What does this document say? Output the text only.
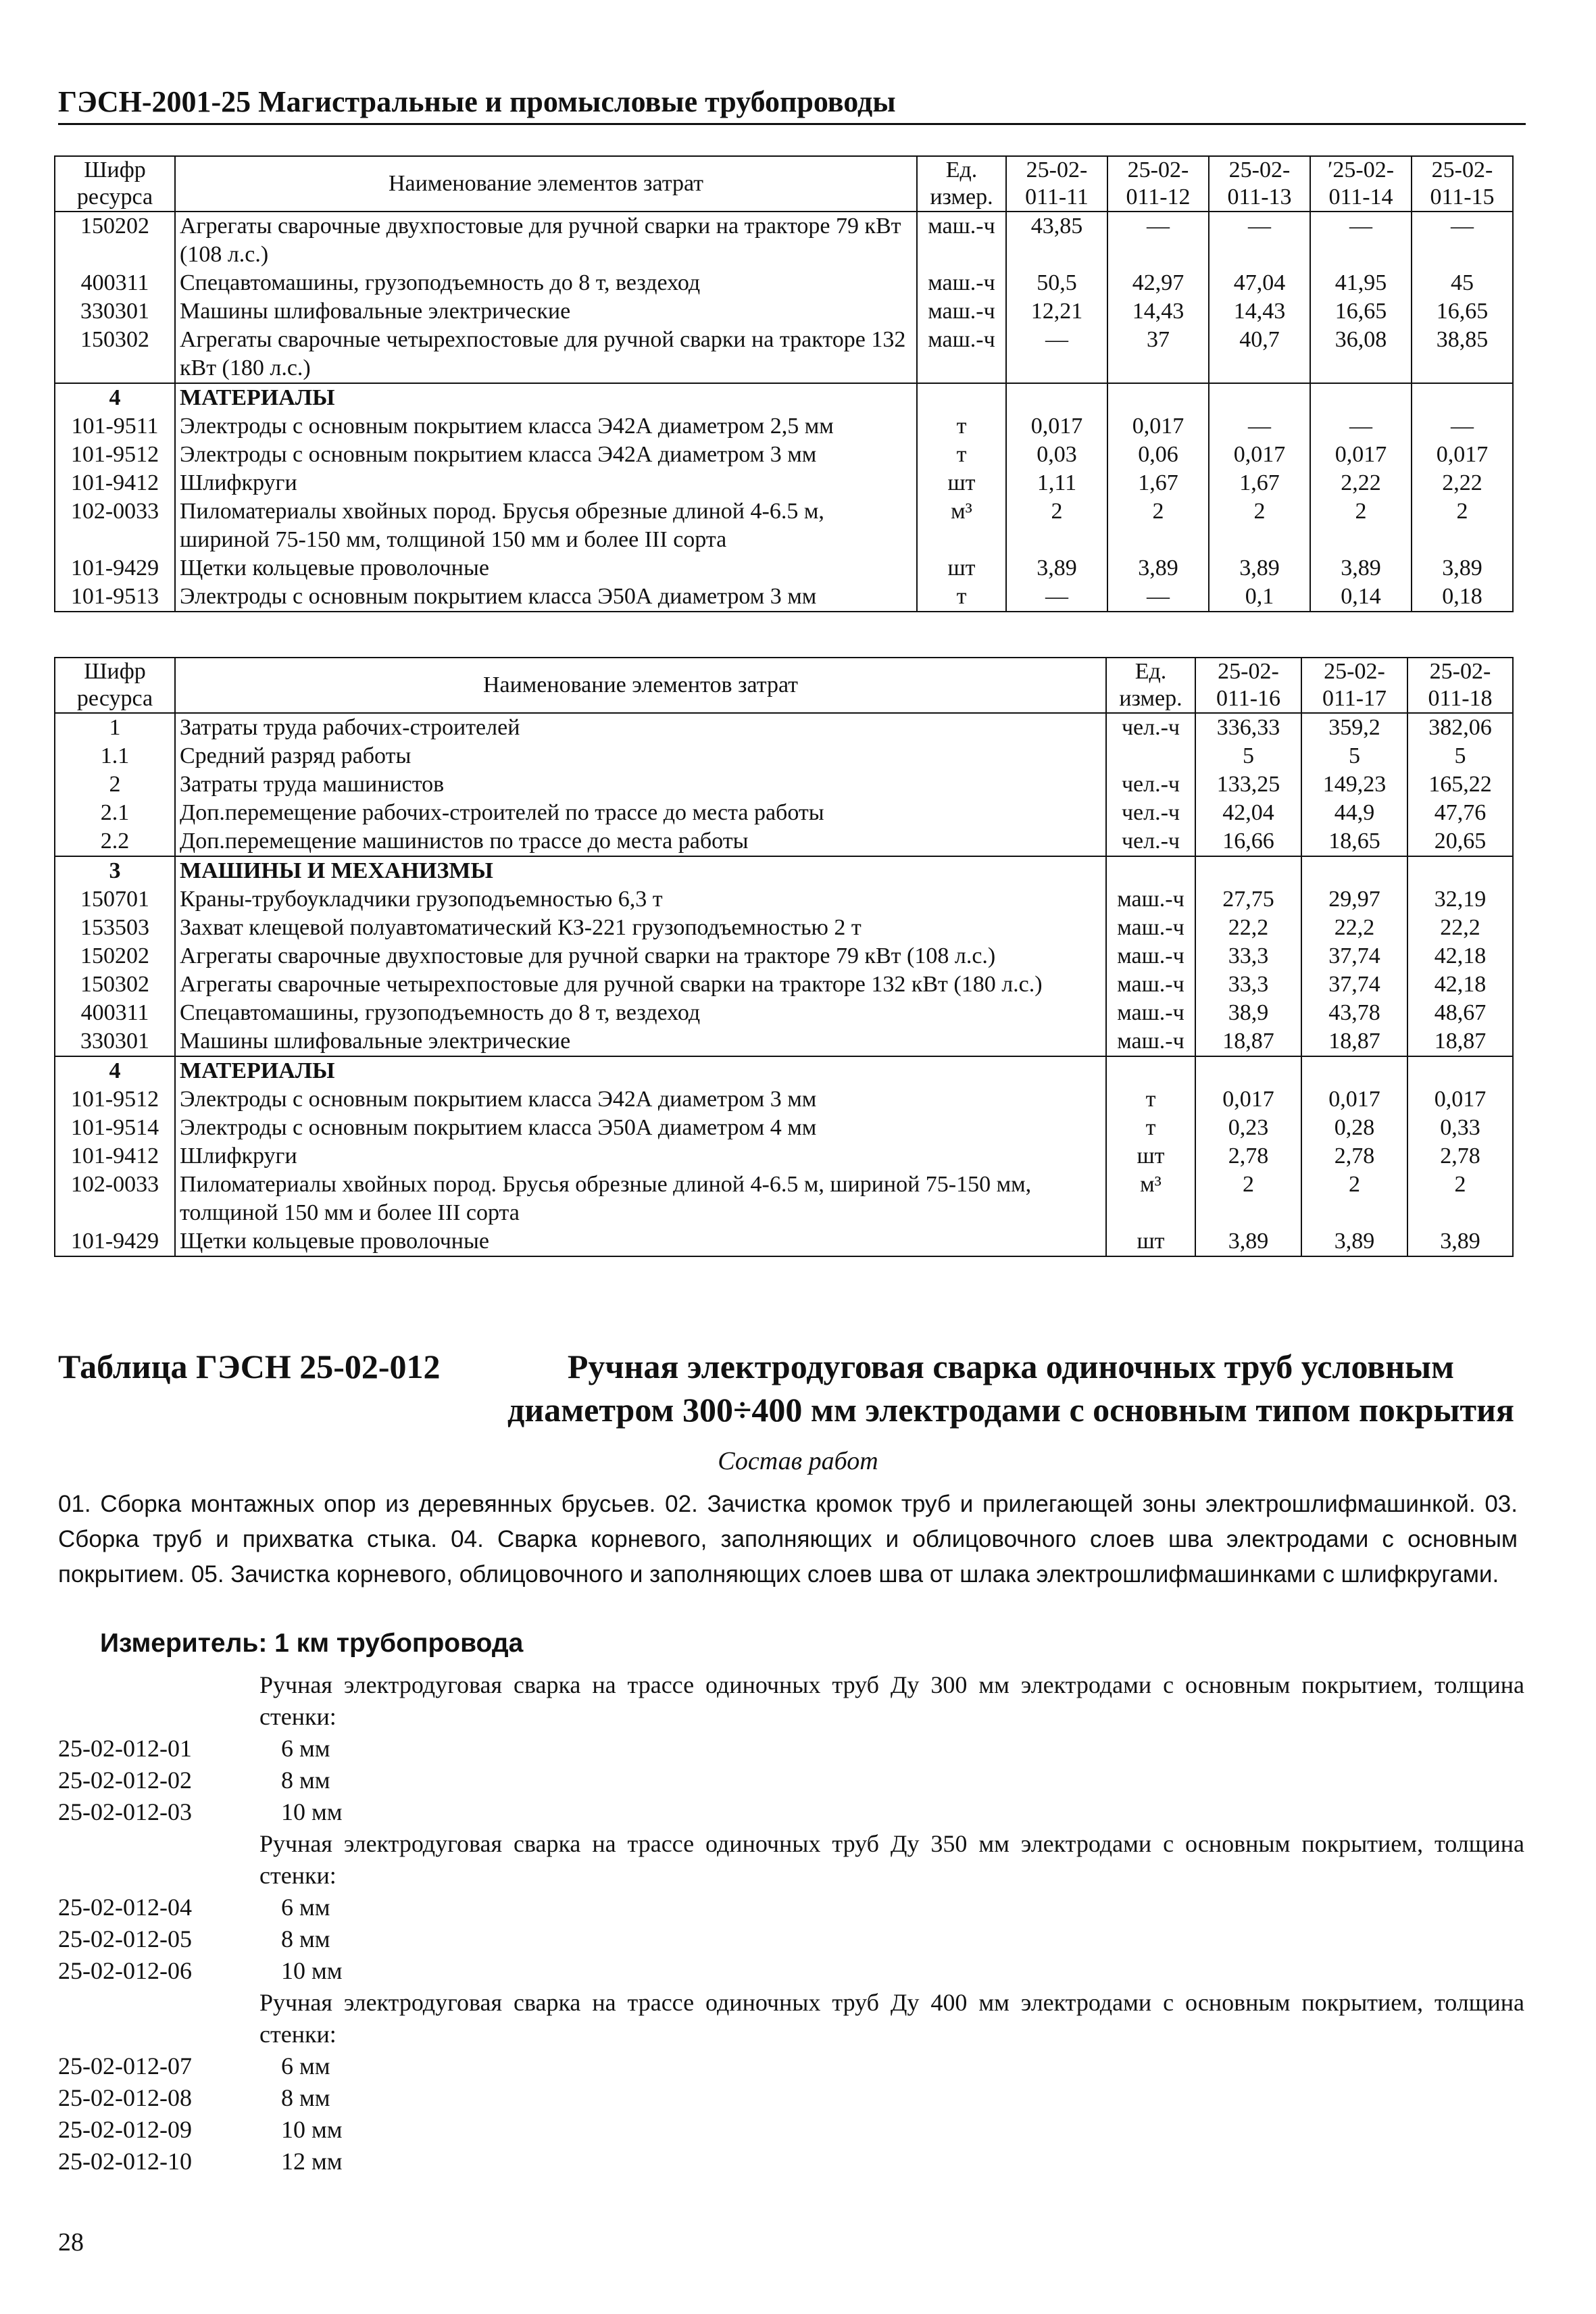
ГЭСН-2001-25 Магистральные и промысловые трубопроводы
Шифр ресурса	Наименование элементов затрат	Ед. измер.	25-02-011-11	25-02-011-12	25-02-011-13	ʹ25-02-011-14	25-02-011-15
150202	Агрегаты сварочные двухпостовые для ручной сварки на тракторе 79 кВт (108 л.с.)	маш.-ч	43,85	—	—	—	—
400311	Спецавтомашины, грузоподъемность до 8 т, вездеход	маш.-ч	50,5	42,97	47,04	41,95	45
330301	Машины шлифовальные электрические	маш.-ч	12,21	14,43	14,43	16,65	16,65
150302	Агрегаты сварочные четырехпостовые для ручной сварки на тракторе 132 кВт (180 л.с.)	маш.-ч	—	37	40,7	36,08	38,85
4	МАТЕРИАЛЫ						
101-9511	Электроды с основным покрытием класса Э42А диаметром 2,5 мм	т	0,017	0,017	—	—	—
101-9512	Электроды с основным покрытием класса Э42А диаметром 3 мм	т	0,03	0,06	0,017	0,017	0,017
101-9412	Шлифкруги	шт	1,11	1,67	1,67	2,22	2,22
102-0033	Пиломатериалы хвойных пород. Брусья обрезные длиной 4-6.5 м, шириной 75-150 мм, толщиной 150 мм и более III сорта	м³	2	2	2	2	2
101-9429	Щетки кольцевые проволочные	шт	3,89	3,89	3,89	3,89	3,89
101-9513	Электроды с основным покрытием класса Э50А диаметром 3 мм	т	—	—	0,1	0,14	0,18
Шифр ресурса	Наименование элементов затрат	Ед. измер.	25-02-011-16	25-02-011-17	25-02-011-18
1	Затраты труда рабочих-строителей	чел.-ч	336,33	359,2	382,06
1.1	Средний разряд работы		5	5	5
2	Затраты труда машинистов	чел.-ч	133,25	149,23	165,22
2.1	Доп.перемещение рабочих-строителей по трассе до места работы	чел.-ч	42,04	44,9	47,76
2.2	Доп.перемещение машинистов по трассе до места работы	чел.-ч	16,66	18,65	20,65
3	МАШИНЫ И МЕХАНИЗМЫ				
150701	Краны-трубоукладчики грузоподъемностью 6,3 т	маш.-ч	27,75	29,97	32,19
153503	Захват клещевой полуавтоматический КЗ-221 грузоподъемностью 2 т	маш.-ч	22,2	22,2	22,2
150202	Агрегаты сварочные двухпостовые для ручной сварки на тракторе 79 кВт (108 л.с.)	маш.-ч	33,3	37,74	42,18
150302	Агрегаты сварочные четырехпостовые для ручной сварки на тракторе 132 кВт (180 л.с.)	маш.-ч	33,3	37,74	42,18
400311	Спецавтомашины, грузоподъемность до 8 т, вездеход	маш.-ч	38,9	43,78	48,67
330301	Машины шлифовальные электрические	маш.-ч	18,87	18,87	18,87
4	МАТЕРИАЛЫ				
101-9512	Электроды с основным покрытием класса Э42А диаметром 3 мм	т	0,017	0,017	0,017
101-9514	Электроды с основным покрытием класса Э50А диаметром 4 мм	т	0,23	0,28	0,33
101-9412	Шлифкруги	шт	2,78	2,78	2,78
102-0033	Пиломатериалы хвойных пород. Брусья обрезные длиной 4-6.5 м, шириной 75-150 мм, толщиной 150 мм и более III сорта	м³	2	2	2
101-9429	Щетки кольцевые проволочные	шт	3,89	3,89	3,89
Таблица ГЭСН 25-02-012	Ручная электродуговая сварка одиночных труб условным диаметром 300÷400 мм электродами с основным типом покрытия
Состав работ
01. Сборка монтажных опор из деревянных брусьев. 02. Зачистка кромок труб и прилегающей зоны электрошлифмашинкой. 03. Сборка труб и прихватка стыка. 04. Сварка корневого, заполняющих и облицовочного слоев шва электродами с основным покрытием. 05. Зачистка корневого, облицовочного и заполняющих слоев шва от шлака электрошлифмашинками с шлифкругами.
Измеритель: 1 км трубопровода
Ручная электродуговая сварка на трассе одиночных труб Ду 300 мм электродами с основным покрытием, толщина стенки:
25-02-012-01	6 мм
25-02-012-02	8 мм
25-02-012-03	10 мм
Ручная электродуговая сварка на трассе одиночных труб Ду 350 мм электродами с основным покрытием, толщина стенки:
25-02-012-04	6 мм
25-02-012-05	8 мм
25-02-012-06	10 мм
Ручная электродуговая сварка на трассе одиночных труб Ду 400 мм электродами с основным покрытием, толщина стенки:
25-02-012-07	6 мм
25-02-012-08	8 мм
25-02-012-09	10 мм
25-02-012-10	12 мм
28
